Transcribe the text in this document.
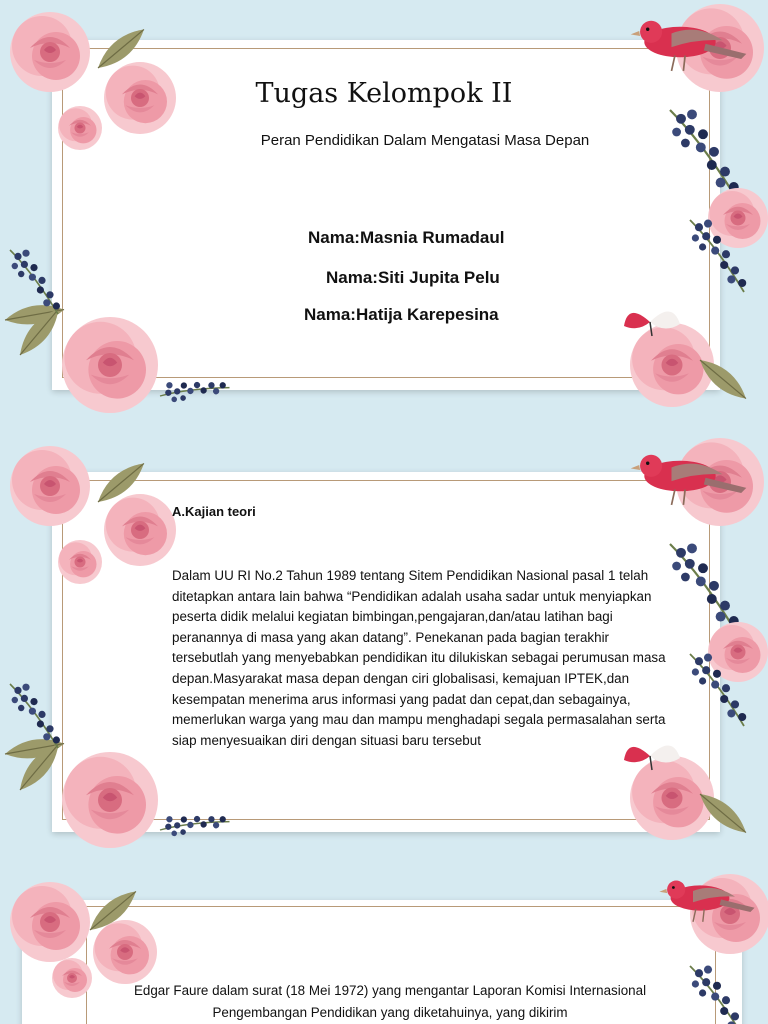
Tugas Kelompok II
Peran Pendidikan Dalam Mengatasi Masa Depan
Nama:Masnia Rumadaul
Nama:Siti Jupita Pelu
Nama:Hatija Karepesina
A.Kajian teori
Dalam UU RI No.2 Tahun 1989 tentang Sitem Pendidikan Nasional pasal 1 telah ditetapkan antara lain bahwa “Pendidikan adalah usaha sadar untuk menyiapkan peserta didik melalui kegiatan bimbingan,pengajaran,dan/atau latihan bagi peranannya di masa yang akan datang”. Penekanan pada bagian terakhir tersebutlah yang menyebabkan pendidikan itu dilukiskan sebagai perumusan masa depan.Masyarakat masa depan dengan ciri globalisasi, kemajuan IPTEK,dan kesempatan menerima arus informasi yang padat dan cepat,dan sebagainya, memerlukan warga yang mau dan mampu menghadapi segala permasalahan serta siap menyesuaikan diri dengan situasi baru tersebut
Edgar Faure dalam surat (18 Mei 1972) yang mengantar Laporan Komisi Internasional Pengembangan Pendidikan yang diketahuinya, yang dikirim
